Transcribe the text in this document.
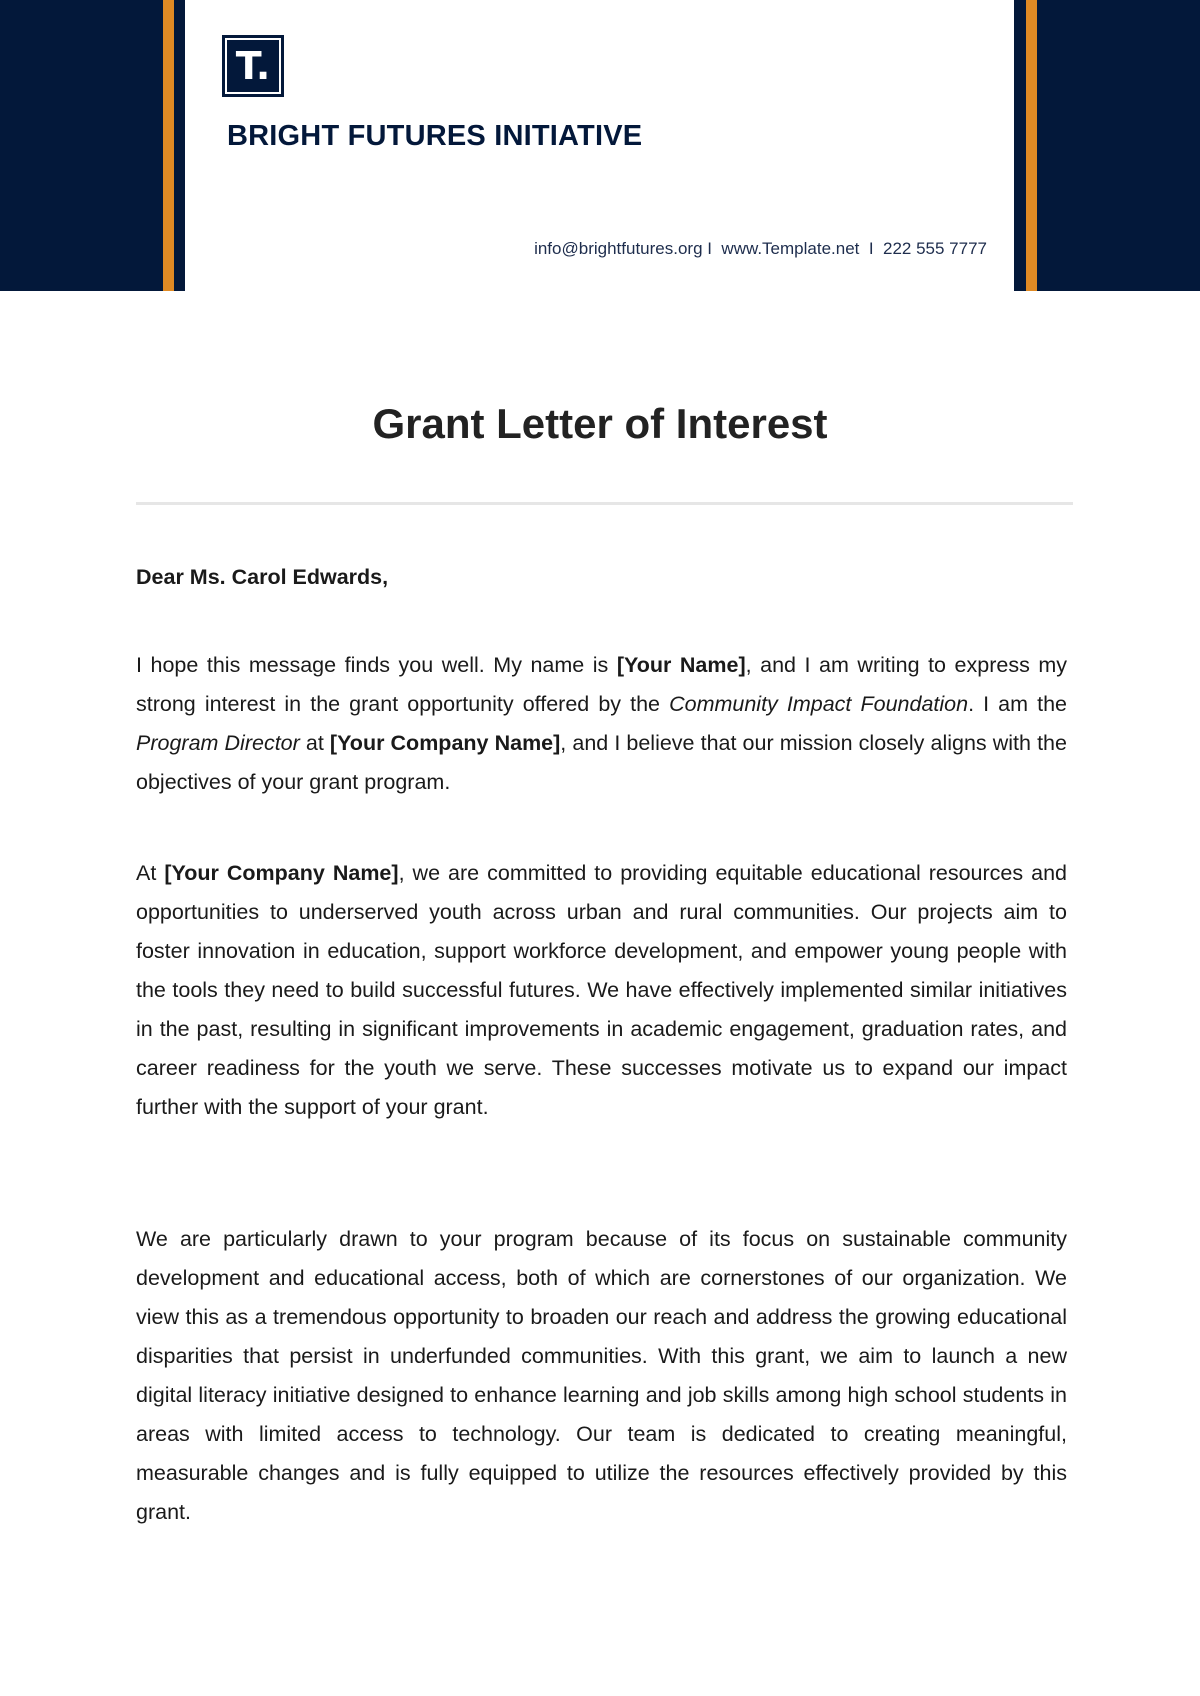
T.
BRIGHT FUTURES INITIATIVE
info@brightfutures.org I  www.Template.net  I  222 555 7777
Grant Letter of Interest
Dear Ms. Carol Edwards,

I hope this message finds you well. My name is [Your Name], and I am writing to express my strong interest in the grant opportunity offered by the Community Impact Foundation. I am the Program Director at [Your Company Name], and I believe that our mission closely aligns with the objectives of your grant program.

At [Your Company Name], we are committed to providing equitable educational resources and opportunities to underserved youth across urban and rural communities. Our projects aim to foster innovation in education, support workforce development, and empower young people with the tools they need to build successful futures. We have effectively implemented similar initiatives in the past, resulting in significant improvements in academic engagement, graduation rates, and career readiness for the youth we serve. These successes motivate us to expand our impact further with the support of your grant.

We are particularly drawn to your program because of its focus on sustainable community development and educational access, both of which are cornerstones of our organization. We view this as a tremendous opportunity to broaden our reach and address the growing educational disparities that persist in underfunded communities. With this grant, we aim to launch a new digital literacy initiative designed to enhance learning and job skills among high school students in areas with limited access to technology. Our team is dedicated to creating meaningful, measurable changes and is fully equipped to utilize the resources effectively provided by this grant.
